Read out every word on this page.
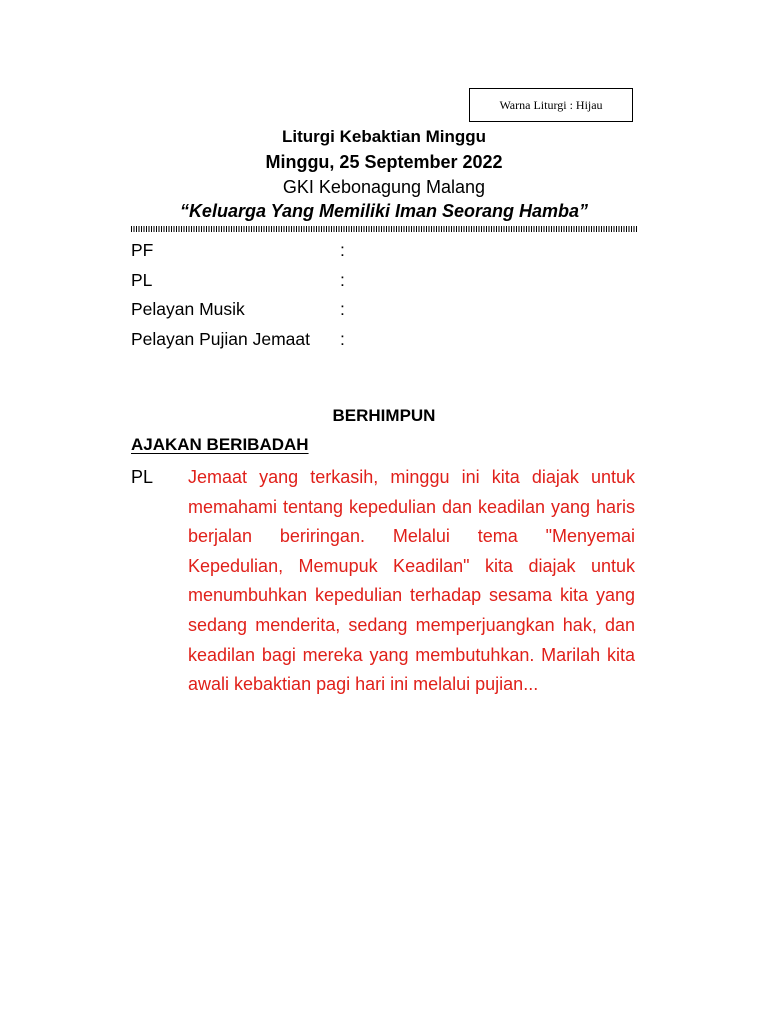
Warna Liturgi : Hijau
Liturgi Kebaktian Minggu
Minggu, 25 September 2022
GKI Kebonagung Malang
“Keluarga Yang Memiliki Iman Seorang Hamba”
PF	:
PL	:
Pelayan Musik	:
Pelayan Pujian Jemaat :
BERHIMPUN
AJAKAN BERIBADAH
PL Jemaat yang terkasih, minggu ini kita diajak untuk memahami tentang kepedulian dan keadilan yang haris berjalan beriringan. Melalui tema "Menyemai Kepedulian, Memupuk Keadilan" kita diajak untuk menumbuhkan kepedulian terhadap sesama kita yang sedang menderita, sedang memperjuangkan hak, dan keadilan bagi mereka yang membutuhkan. Marilah kita awali kebaktian pagi hari ini melalui pujian...
